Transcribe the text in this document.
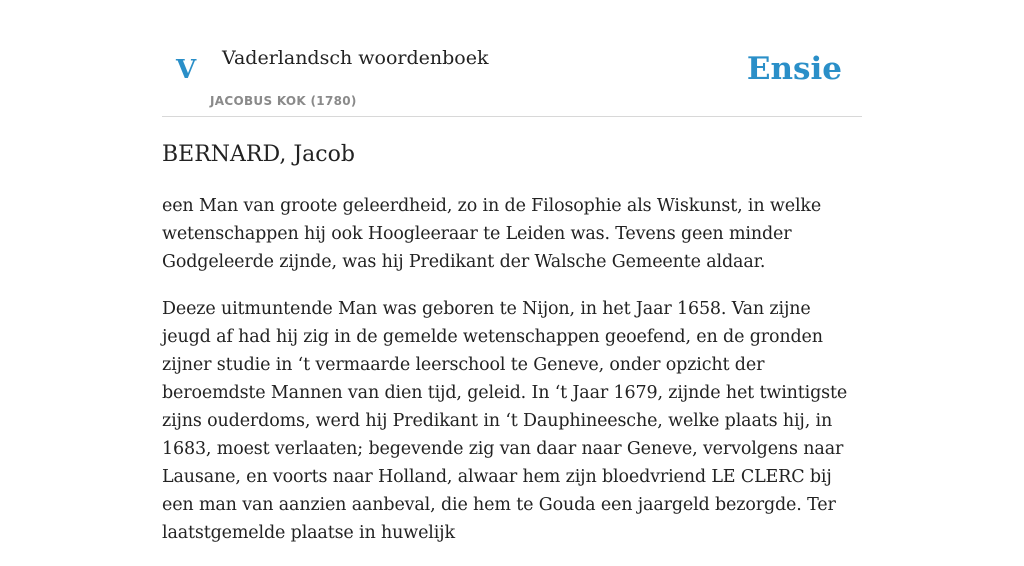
V Vaderlandsch woordenboek
JACOBUS KOK (1780)
Ensie
BERNARD, Jacob

een Man van groote geleerdheid, zo in de Filosophie als Wiskunst, in welke wetenschappen hij ook Hoogleeraar te Leiden was. Tevens geen minder Godgeleerde zijnde, was hij Predikant der Walsche Gemeente aldaar.

Deeze uitmuntende Man was geboren te Nijon, in het Jaar 1658. Van zijne jeugd af had hij zig in de gemelde wetenschappen geoefend, en de gronden zijner studie in ‘t vermaarde leerschool te Geneve, onder opzicht der beroemdste Mannen van dien tijd, geleid. In ‘t Jaar 1679, zijnde het twintigste zijns ouderdoms, werd hij Predikant in ‘t Dauphineesche, welke plaats hij, in 1683, moest verlaaten; begevende zig van daar naar Geneve, vervolgens naar Lausane, en voorts naar Holland, alwaar hem zijn bloedvriend LE CLERC bij een man van aanzien aanbeval, die hem te Gouda een jaargeld bezorgde. Ter laatstgemelde plaatse in huwelijk
